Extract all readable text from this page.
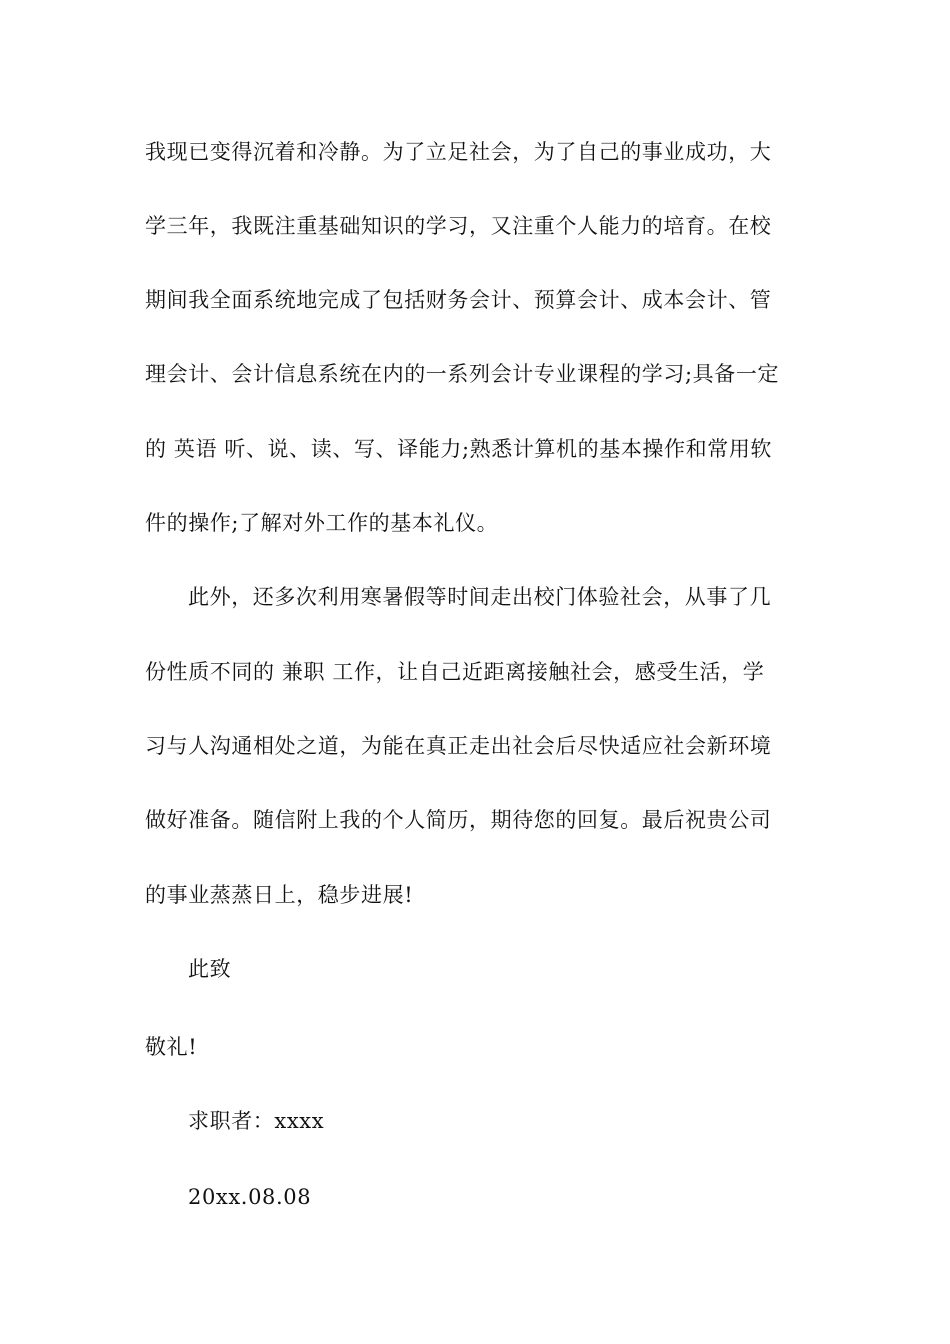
我现已变得沉着和冷静。为了立足社会，为了自己的事业成功，大
学三年，我既注重基础知识的学习，又注重个人能力的培育。在校
期间我全面系统地完成了包括财务会计、预算会计、成本会计、管
理会计、会计信息系统在内的一系列会计专业课程的学习;具备一定
的 英语 听、说、读、写、译能力;熟悉计算机的基本操作和常用软
件的操作;了解对外工作的基本礼仪。
此外，还多次利用寒暑假等时间走出校门体验社会，从事了几
份性质不同的 兼职 工作，让自己近距离接触社会，感受生活，学
习与人沟通相处之道，为能在真正走出社会后尽快适应社会新环境
做好准备。随信附上我的个人简历，期待您的回复。最后祝贵公司
的事业蒸蒸日上，稳步进展!
此致
敬礼!
求职者：xxxx
20xx.08.08
